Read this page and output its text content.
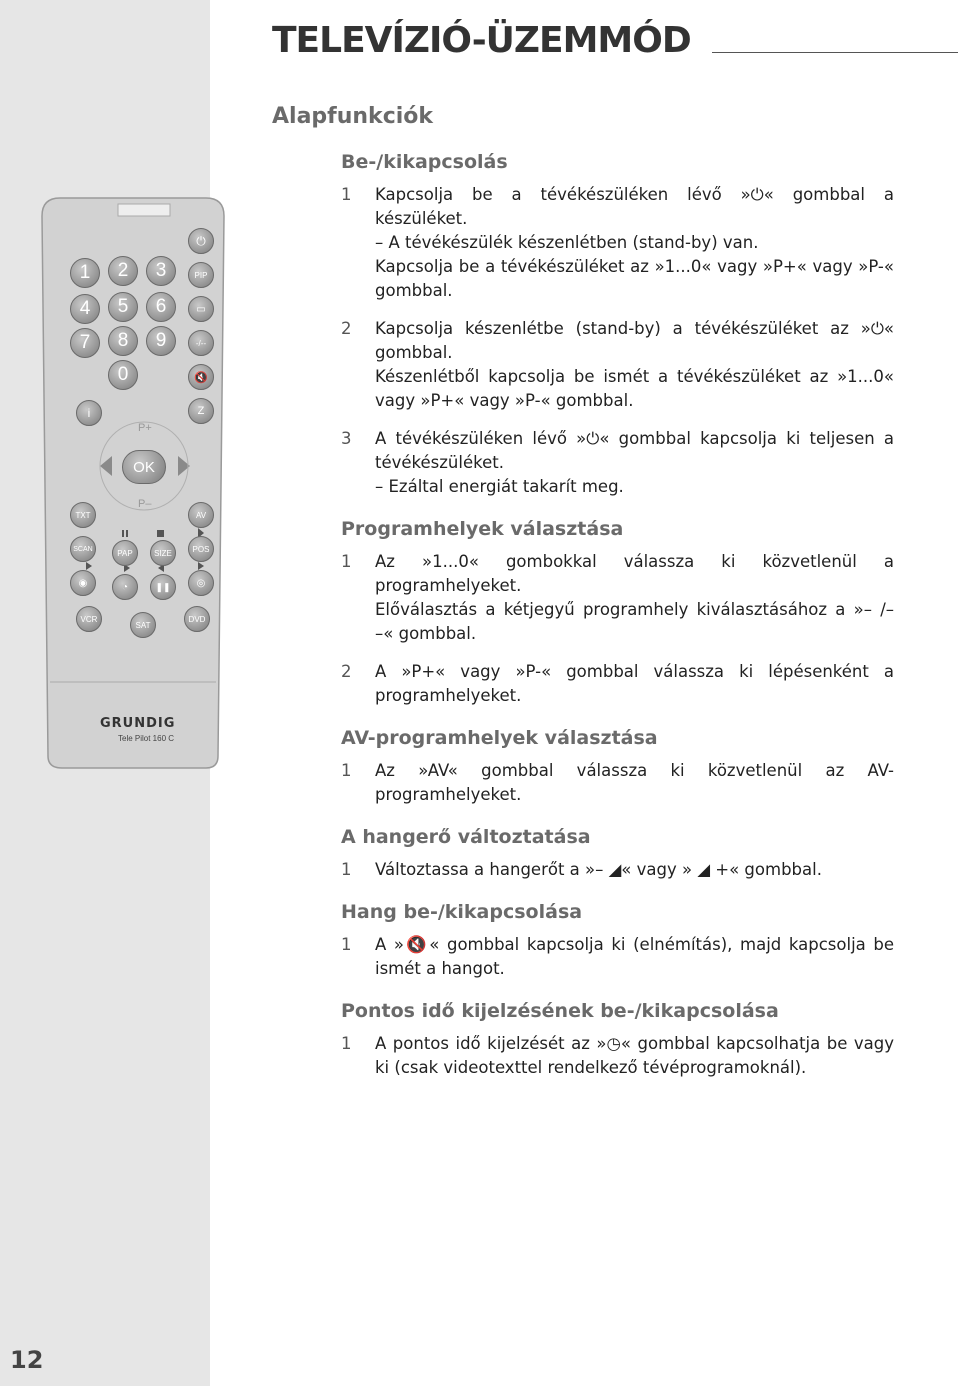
1	2	3
4	5	6
7	8	9
0
⏻
PIP
▭
-/--
🔇
Z
i
P+
OK
P–
TXT	AV
SCAN	PAP	SIZE	POS
◉	◔	❚❚	◎
VCR
SAT
DVD
GRUNDIG
Tele Pilot 160 C
12
TELEVÍZIÓ-ÜZEMMÓD
Alapfunkciók
Be-/kikapcsolás
1 Kapcsolja be a tévékészüléken lévő »⏻« gombbal a készüléket.

– A tévékészülék készenlétben (stand-by) van.

Kapcsolja be a tévékészüléket az »1...0« vagy »P+« vagy »P-« gombbal.

2 Kapcsolja készenlétbe (stand-by) a tévékészüléket az »⏻« gombbal.

Készenlétből kapcsolja be ismét a tévékészüléket az »1...0« vagy »P+« vagy »P-« gombbal.

3 A tévékészüléken lévő »⏻« gombbal kapcsolja ki teljesen a tévékészüléket.

– Ezáltal energiát takarít meg.

Programhelyek választása
1 Az »1...0« gombokkal válassza ki közvetlenül a programhelyeket.

Előválasztás a kétjegyű programhely kiválasztásához a »– /– –« gombbal.

2 A »P+« vagy »P-« gombbal válassza ki lépésenként a programhelyeket.

AV-programhelyek választása
1 Az »AV« gombbal válassza ki közvetlenül az AV-programhelyeket.

A hangerő változtatása
1 Változtassa a hangerőt a »– ◢« vagy » ◢ +« gombbal.

Hang be-/kikapcsolása
1 A »🔇« gombbal kapcsolja ki (elnémítás), majd kapcsolja be ismét a hangot.

Pontos idő kijelzésének be-/kikapcsolása
1 A pontos idő kijelzését az »◷« gombbal kapcsolhatja be vagy ki (csak videotexttel rendelkező tévéprogramoknál).
